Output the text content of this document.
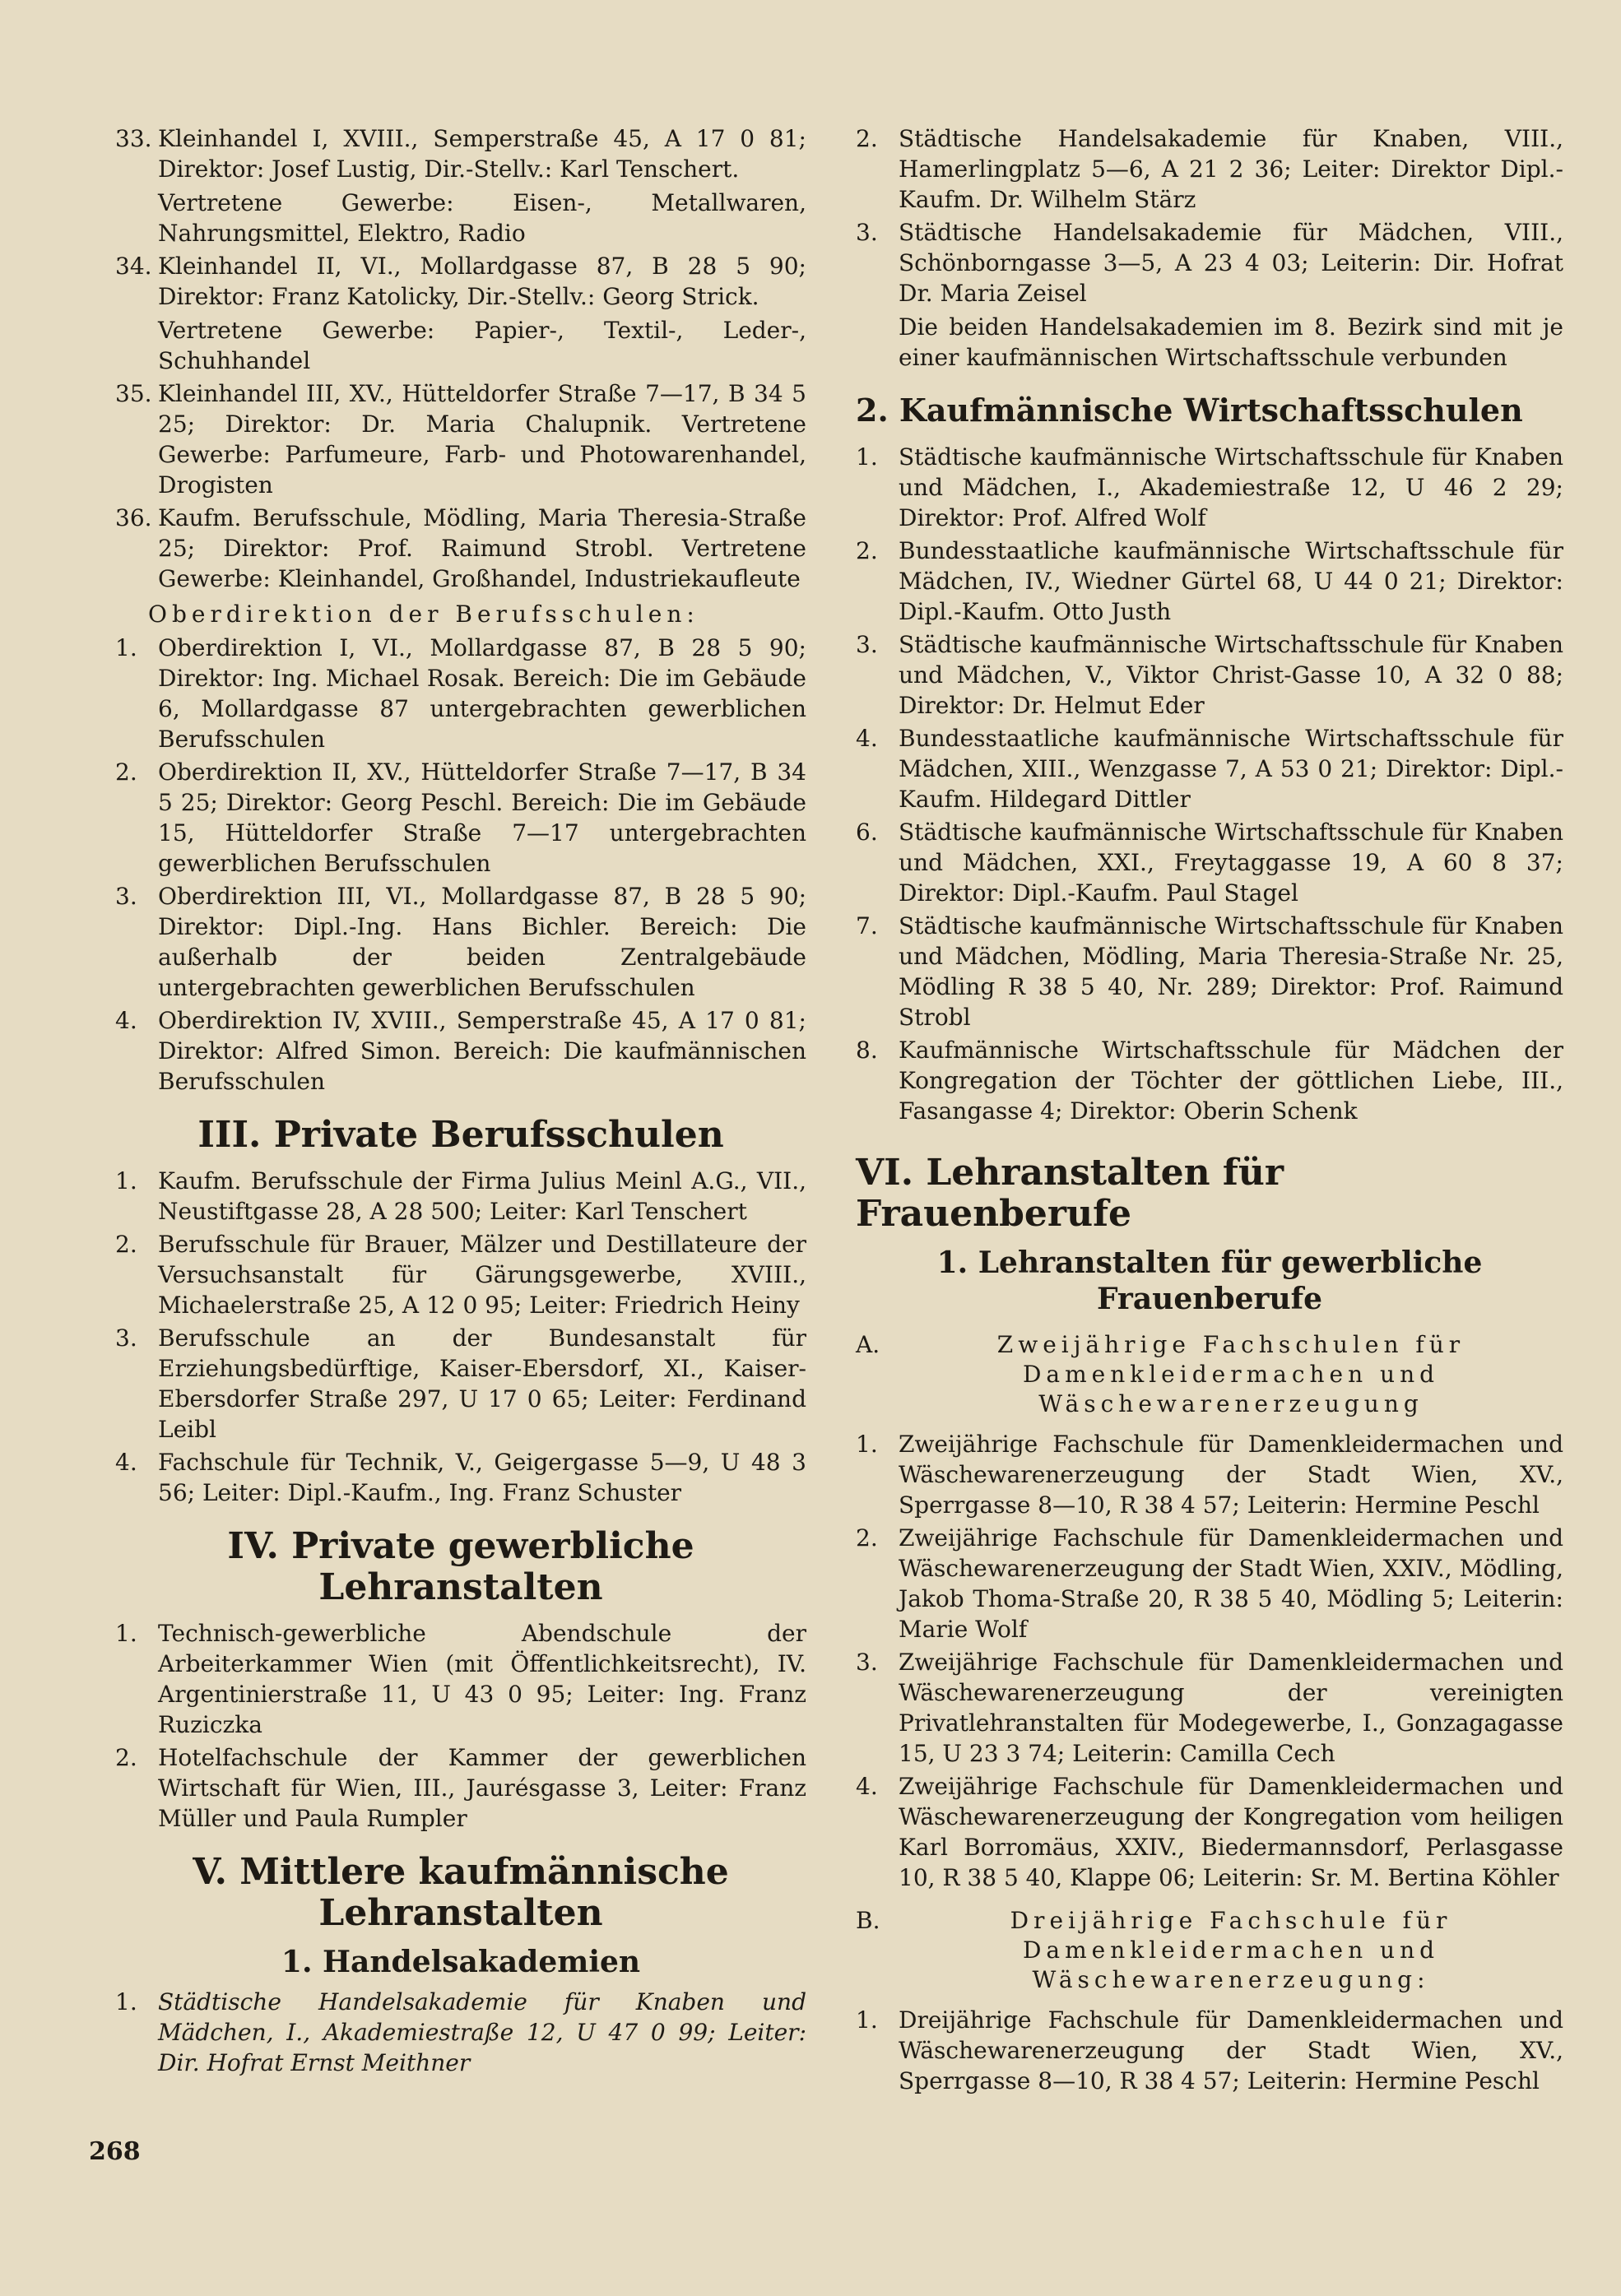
33. Kleinhandel I, XVIII., Semperstraße 45, A 17 0 81; Direktor: Josef Lustig, Dir.-Stellv.: Karl Tenschert.
Vertretene Gewerbe: Eisen-, Metallwaren, Nahrungsmittel, Elektro, Radio
34. Kleinhandel II, VI., Mollardgasse 87, B 28 5 90; Direktor: Franz Katolicky, Dir.-Stellv.: Georg Strick.
Vertretene Gewerbe: Papier-, Textil-, Leder-, Schuhhandel
35. Kleinhandel III, XV., Hütteldorfer Straße 7—17, B 34 5 25; Direktor: Dr. Maria Chalupnik. Vertretene Gewerbe: Parfumeure, Farb- und Photowarenhandel, Drogisten
36. Kaufm. Berufsschule, Mödling, Maria Theresia-Straße 25; Direktor: Prof. Raimund Strobl. Vertretene Gewerbe: Kleinhandel, Großhandel, Industriekaufleute
Oberdirektion der Berufsschulen:
1. Oberdirektion I, VI., Mollardgasse 87, B 28 5 90; Direktor: Ing. Michael Rosak. Bereich: Die im Gebäude 6, Mollardgasse 87 untergebrachten gewerblichen Berufsschulen
2. Oberdirektion II, XV., Hütteldorfer Straße 7—17, B 34 5 25; Direktor: Georg Peschl. Bereich: Die im Gebäude 15, Hütteldorfer Straße 7—17 untergebrachten gewerblichen Berufsschulen
3. Oberdirektion III, VI., Mollardgasse 87, B 28 5 90; Direktor: Dipl.-Ing. Hans Bichler. Bereich: Die außerhalb der beiden Zentralgebäude untergebrachten gewerblichen Berufsschulen
4. Oberdirektion IV, XVIII., Semperstraße 45, A 17 0 81; Direktor: Alfred Simon. Bereich: Die kaufmännischen Berufsschulen
III. Private Berufsschulen
1. Kaufm. Berufsschule der Firma Julius Meinl A.G., VII., Neustiftgasse 28, A 28 500; Leiter: Karl Tenschert
2. Berufsschule für Brauer, Mälzer und Destillateure der Versuchsanstalt für Gärungsgewerbe, XVIII., Michaelerstraße 25, A 12 0 95; Leiter: Friedrich Heiny
3. Berufsschule an der Bundesanstalt für Erziehungsbedürftige, Kaiser-Ebersdorf, XI., Kaiser-Ebersdorfer Straße 297, U 17 0 65; Leiter: Ferdinand Leibl
4. Fachschule für Technik, V., Geigergasse 5—9, U 48 3 56; Leiter: Dipl.-Kaufm., Ing. Franz Schuster
IV. Private gewerbliche Lehranstalten
1. Technisch-gewerbliche Abendschule der Arbeiterkammer Wien (mit Öffentlichkeitsrecht), IV. Argentinierstraße 11, U 43 0 95; Leiter: Ing. Franz Ruziczka
2. Hotelfachschule der Kammer der gewerblichen Wirtschaft für Wien, III., Jaurésgasse 3, Leiter: Franz Müller und Paula Rumpler
V. Mittlere kaufmännische Lehranstalten
1. Handelsakademien
1. Städtische Handelsakademie für Knaben und Mädchen, I., Akademiestraße 12, U 47 0 99; Leiter: Dir. Hofrat Ernst Meithner
2. Städtische Handelsakademie für Knaben, VIII., Hamerlingplatz 5—6, A 21 2 36; Leiter: Direktor Dipl.-Kaufm. Dr. Wilhelm Stärz
3. Städtische Handelsakademie für Mädchen, VIII., Schönborngasse 3—5, A 23 4 03; Leiterin: Dir. Hofrat Dr. Maria Zeisel
Die beiden Handelsakademien im 8. Bezirk sind mit je einer kaufmännischen Wirtschaftsschule verbunden
2. Kaufmännische Wirtschaftsschulen
1. Städtische kaufmännische Wirtschaftsschule für Knaben und Mädchen, I., Akademiestraße 12, U 46 2 29; Direktor: Prof. Alfred Wolf
2. Bundesstaatliche kaufmännische Wirtschaftsschule für Mädchen, IV., Wiedner Gürtel 68, U 44 0 21; Direktor: Dipl.-Kaufm. Otto Justh
3. Städtische kaufmännische Wirtschaftsschule für Knaben und Mädchen, V., Viktor Christ-Gasse 10, A 32 0 88; Direktor: Dr. Helmut Eder
4. Bundesstaatliche kaufmännische Wirtschaftsschule für Mädchen, XIII., Wenzgasse 7, A 53 0 21; Direktor: Dipl.-Kaufm. Hildegard Dittler
6. Städtische kaufmännische Wirtschaftsschule für Knaben und Mädchen, XXI., Freytaggasse 19, A 60 8 37; Direktor: Dipl.-Kaufm. Paul Stagel
7. Städtische kaufmännische Wirtschaftsschule für Knaben und Mädchen, Mödling, Maria Theresia-Straße Nr. 25, Mödling R 38 5 40, Nr. 289; Direktor: Prof. Raimund Strobl
8. Kaufmännische Wirtschaftsschule für Mädchen der Kongregation der Töchter der göttlichen Liebe, III., Fasangasse 4; Direktor: Oberin Schenk
VI. Lehranstalten für Frauenberufe
1. Lehranstalten für gewerbliche Frauenberufe
A.	Zweijährige Fachschulen für Damenkleidermachen und Wäschewarenerzeugung
1. Zweijährige Fachschule für Damenkleidermachen und Wäschewarenerzeugung der Stadt Wien, XV., Sperrgasse 8—10, R 38 4 57; Leiterin: Hermine Peschl
2. Zweijährige Fachschule für Damenkleidermachen und Wäschewarenerzeugung der Stadt Wien, XXIV., Mödling, Jakob Thoma-Straße 20, R 38 5 40, Mödling 5; Leiterin: Marie Wolf
3. Zweijährige Fachschule für Damenkleidermachen und Wäschewarenerzeugung der vereinigten Privatlehranstalten für Modegewerbe, I., Gonzagagasse 15, U 23 3 74; Leiterin: Camilla Cech
4. Zweijährige Fachschule für Damenkleidermachen und Wäschewarenerzeugung der Kongregation vom heiligen Karl Borromäus, XXIV., Biedermannsdorf, Perlasgasse 10, R 38 5 40, Klappe 06; Leiterin: Sr. M. Bertina Köhler
B.	Dreijährige Fachschule für Damenkleidermachen und Wäschewarenerzeugung:
1. Dreijährige Fachschule für Damenkleidermachen und Wäschewarenerzeugung der Stadt Wien, XV., Sperrgasse 8—10, R 38 4 57; Leiterin: Hermine Peschl
268
